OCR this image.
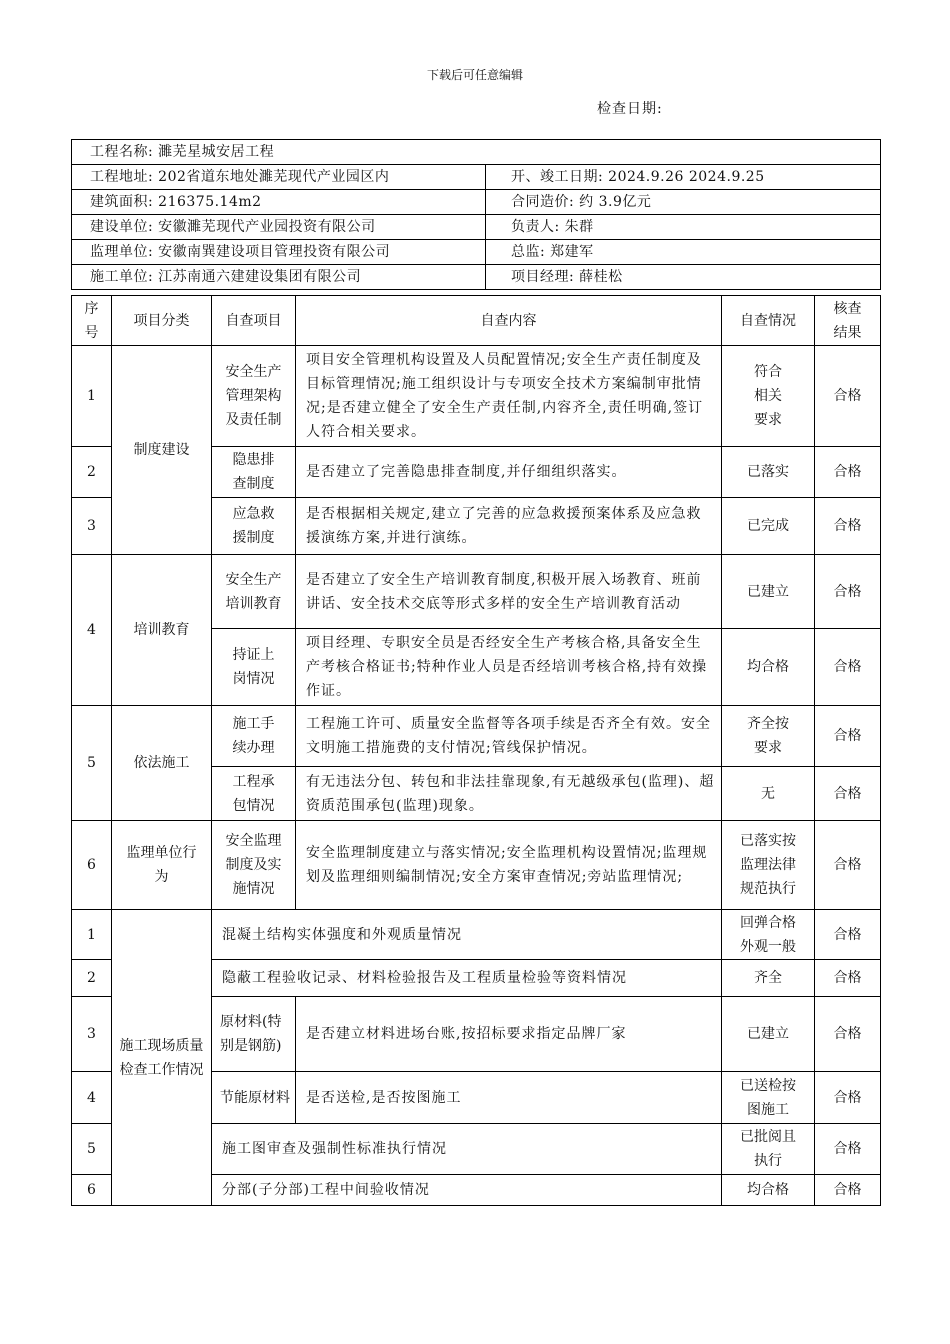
下载后可任意编辑
检查日期:
工程名称: 濉芜星城安居工程	
工程地址: 202省道东地处濉芜现代产业园区内	开、竣工日期: 2024.9.26 2024.9.25
建筑面积: 216375.14m2	合同造价: 约 3.9亿元
建设单位: 安徽濉芜现代产业园投资有限公司	负责人: 朱群
监理单位: 安徽南巽建设项目管理投资有限公司	总监: 郑建军
施工单位: 江苏南通六建建设集团有限公司	项目经理: 薛桂松
序号	项目分类	自查项目	自查内容	自查情况	核查结果
1	制度建设	安全生产管理架构及责任制	项目安全管理机构设置及人员配置情况;安全生产责任制度及目标管理情况;施工组织设计与专项安全技术方案编制审批情况;是否建立健全了安全生产责任制,内容齐全,责任明确,签订人符合相关要求。	符合相关要求	合格
2		隐患排查制度	是否建立了完善隐患排查制度,并仔细组织落实。	已落实	合格
3		应急救援制度	是否根据相关规定,建立了完善的应急救援预案体系及应急救援演练方案,并进行演练。	已完成	合格
4	培训教育	安全生产培训教育	是否建立了安全生产培训教育制度,积极开展入场教育、班前讲话、安全技术交底等形式多样的安全生产培训教育活动	已建立	合格
		持证上岗情况	项目经理、专职安全员是否经安全生产考核合格,具备安全生产考核合格证书;特种作业人员是否经培训考核合格,持有效操作证。	均合格	合格
5	依法施工	施工手续办理	工程施工许可、质量安全监督等各项手续是否齐全有效。安全文明施工措施费的支付情况;管线保护情况。	齐全按要求	合格
		工程承包情况	有无违法分包、转包和非法挂靠现象,有无越级承包(监理)、超资质范围承包(监理)现象。	无	合格
6	监理单位行为	安全监理制度及实施情况	安全监理制度建立与落实情况;安全监理机构设置情况;监理规划及监理细则编制情况;安全方案审查情况;旁站监理情况;	已落实按监理法律规范执行	合格
1	施工现场质量检查工作情况	混凝土结构实体强度和外观质量情况		回弹合格外观一般	合格
2		隐蔽工程验收记录、材料检验报告及工程质量检验等资料情况		齐全	合格
3		原材料(特别是钢筋)	是否建立材料进场台账,按招标要求指定品牌厂家	已建立	合格
4		节能原材料	是否送检,是否按图施工	已送检按图施工	合格
5		施工图审查及强制性标准执行情况		已批阅且执行	合格
6		分部(子分部)工程中间验收情况		均合格	合格
